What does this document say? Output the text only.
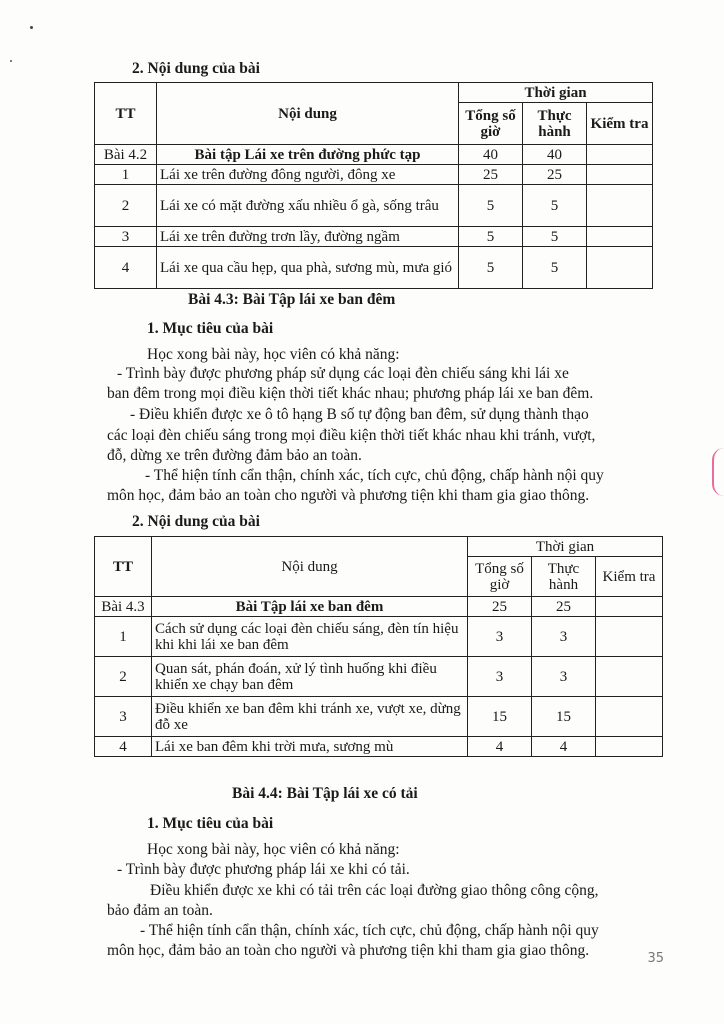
2. Nội dung của bài
TT	Nội dung	Thời gian		
		Tổng số giờ	Thực hành	Kiểm tra
Bài 4.2	Bài tập Lái xe trên đường phức tạp	40	40	
1	Lái xe trên đường đông người, đông xe	25	25	
2	Lái xe có mặt đường xấu nhiều ổ gà, sống trâu	5	5	
3	Lái xe trên đường trơn lầy, đường ngầm	5	5	
4	Lái xe qua cầu hẹp, qua phà, sương mù, mưa gió	5	5	
Bài 4.3: Bài Tập lái xe ban đêm
1. Mục tiêu của bài
Học xong bài này, học viên có khả năng:
- Trình bày được phương pháp sử dụng các loại đèn chiếu sáng khi lái xe
ban đêm trong mọi điều kiện thời tiết khác nhau; phương pháp lái xe ban đêm.
- Điều khiển được xe ô tô hạng B số tự động ban đêm, sử dụng thành thạo
các loại đèn chiếu sáng trong mọi điều kiện thời tiết khác nhau khi tránh, vượt,
đỗ, dừng xe trên đường đảm bảo an toàn.
- Thể hiện tính cẩn thận, chính xác, tích cực, chủ động, chấp hành nội quy
môn học, đảm bảo an toàn cho người và phương tiện khi tham gia giao thông.
2. Nội dung của bài
TT	Nội dung	Thời gian		
		Tổng số giờ	Thực hành	Kiểm tra
Bài 4.3	Bài Tập lái xe ban đêm	25	25	
1	Cách sử dụng các loại đèn chiếu sáng, đèn tín hiệu khi khi lái xe ban đêm	3	3	
2	Quan sát, phán đoán, xử lý tình huống khi điều khiển xe chạy ban đêm	3	3	
3	Điều khiển xe ban đêm khi tránh xe, vượt xe, dừng đỗ xe	15	15	
4	Lái xe ban đêm khi trời mưa, sương mù	4	4	
Bài 4.4: Bài Tập lái xe có tải
1. Mục tiêu của bài
Học xong bài này, học viên có khả năng:
- Trình bày được phương pháp lái xe khi có tải.
Điều khiển được xe khi có tải trên các loại đường giao thông công cộng,
bảo đảm an toàn.
- Thể hiện tính cẩn thận, chính xác, tích cực, chủ động, chấp hành nội quy
môn học, đảm bảo an toàn cho người và phương tiện khi tham gia giao thông.	35
